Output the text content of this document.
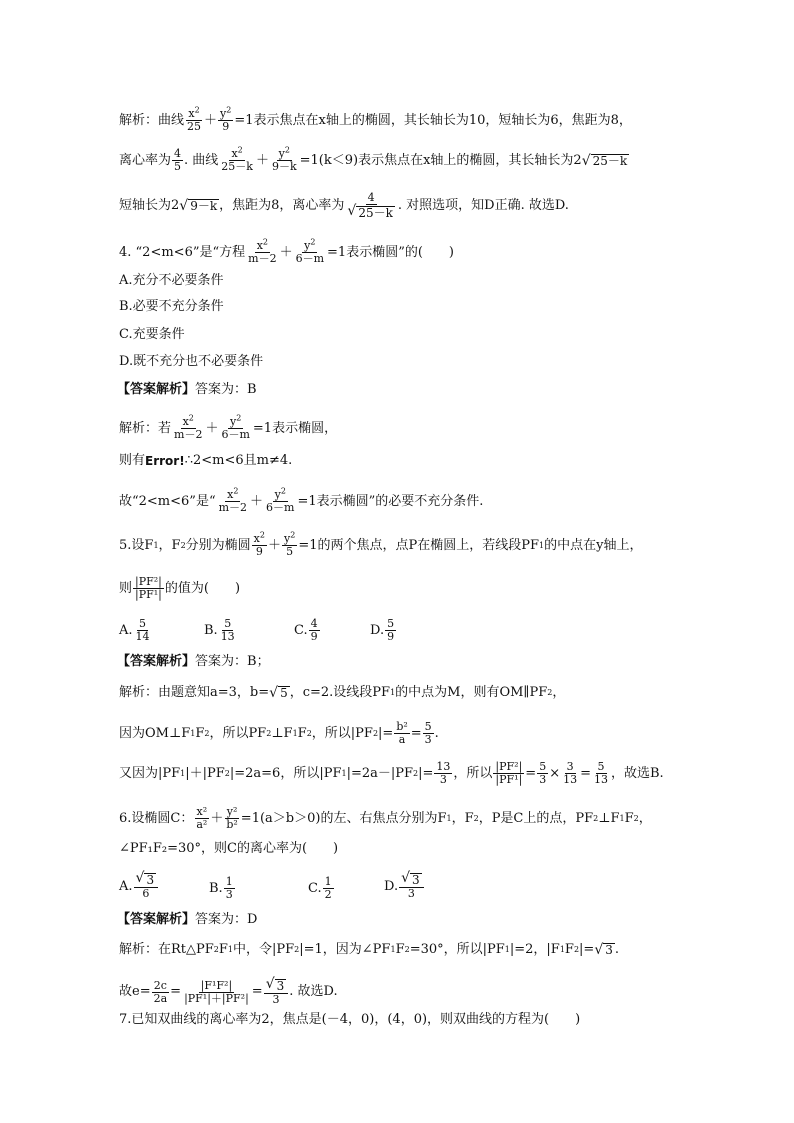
解析：曲线 $\frac{x^2}{25} + \frac{y^2}{9} =1$表示焦点在x轴上的椭圆，其长轴长为10，短轴长为6，焦距为8，
离心率为 $\frac{4}{5}$ . 曲线 $\frac{x^2}{25-k} + \frac{y^2}{9-k} =1(k<9)$表示焦点在x轴上的椭圆，其长轴长为2 √ 25－k
短轴长为2 √ 9－k ，焦距为8，离心率为 $\frac{4}{√ 25-k}$ . 对照选项，知D正确. 故选D.
4. “2<m<6”是“方程 $\frac{x^2}{m-2} + \frac{y^2}{6-m} =1$表示椭圆”的(　　)
A.充分不必要条件
B.必要不充分条件
C.充要条件
D.既不充分也不必要条件
【答案解析】 答案为：B
解析：若 $\frac{x^2}{m-2} + \frac{y^2}{6-m} =1$表示椭圆，
则有 Error! ∴2<m<6且m≠4.
故“2<m<6”是“ $\frac{x^2}{m-2} + \frac{y^2}{6-m} =1$表示椭圆”的必要不充分条件.
5.设F 1 ，F 2 分别为椭圆 $\frac{x^2}{9} + \frac{y^2}{5} =1$的两个焦点，点P在椭圆上，若线段PF 1 的中点在y轴上，
则 $\frac{\text{|PF²|}}{\text{|PF¹|}}$ 的值为(　　)
A. $\frac{5}{14}$	B. $\frac{5}{13}$	C. $\frac{4}{9}$	D. $\frac{5}{9}$
【答案解析】 答案为：B；
解析：由题意知a=3，b= √ 5 ，c=2.设线段PF 1 的中点为M，则有OM∥PF 2 ，
因为OM⊥F 1 F 2 ，所以PF 2 ⊥F 1 F 2 ，所以|PF 2 |= $\frac{\text{b²}}{a} = \frac{5}{3}$ .
又因为|PF 1 |＋|PF 2 |=2a=6，所以|PF 1 |=2a－|PF 2 |= $\frac{13}{3}$ ，所以 $\frac{\text{|PF²|}}{\text{|PF¹|}} = \frac{5}{3} \times \frac{3}{13} = \frac{5}{13}$ ，故选B.
6.设椭圆C： $\frac{\text{x²}}{\text{a²}} + \frac{\text{y²}}{\text{b²}} =1(a>b>0)$的左、右焦点分别为F 1 ，F 2 ，P是C上的点，PF 2 ⊥F 1 F 2 ，
∠PF₁F₂=30°，则C的离心率为(　　)
A. $\frac{√ 3}{6}$	B. $\frac{1}{3}$	C. $\frac{1}{2}$	D. $\frac{√ 3}{3}$
【答案解析】 答案为：D
解析：在Rt△PF 2 F 1 中，令|PF 2 |=1，因为∠PF 1 F 2 =30°，所以|PF 1 |=2，|F 1 F 2 |= √ 3 .
故$e= \frac{2c}{2a} = \frac{\text{|F¹F²|}}{\text{|PF¹|＋|PF²|}} = \frac{√ 3}{3}$ . 故选D.
7.已知双曲线的离心率为2，焦点是(－4，0)，(4，0)，则双曲线的方程为(　　)
